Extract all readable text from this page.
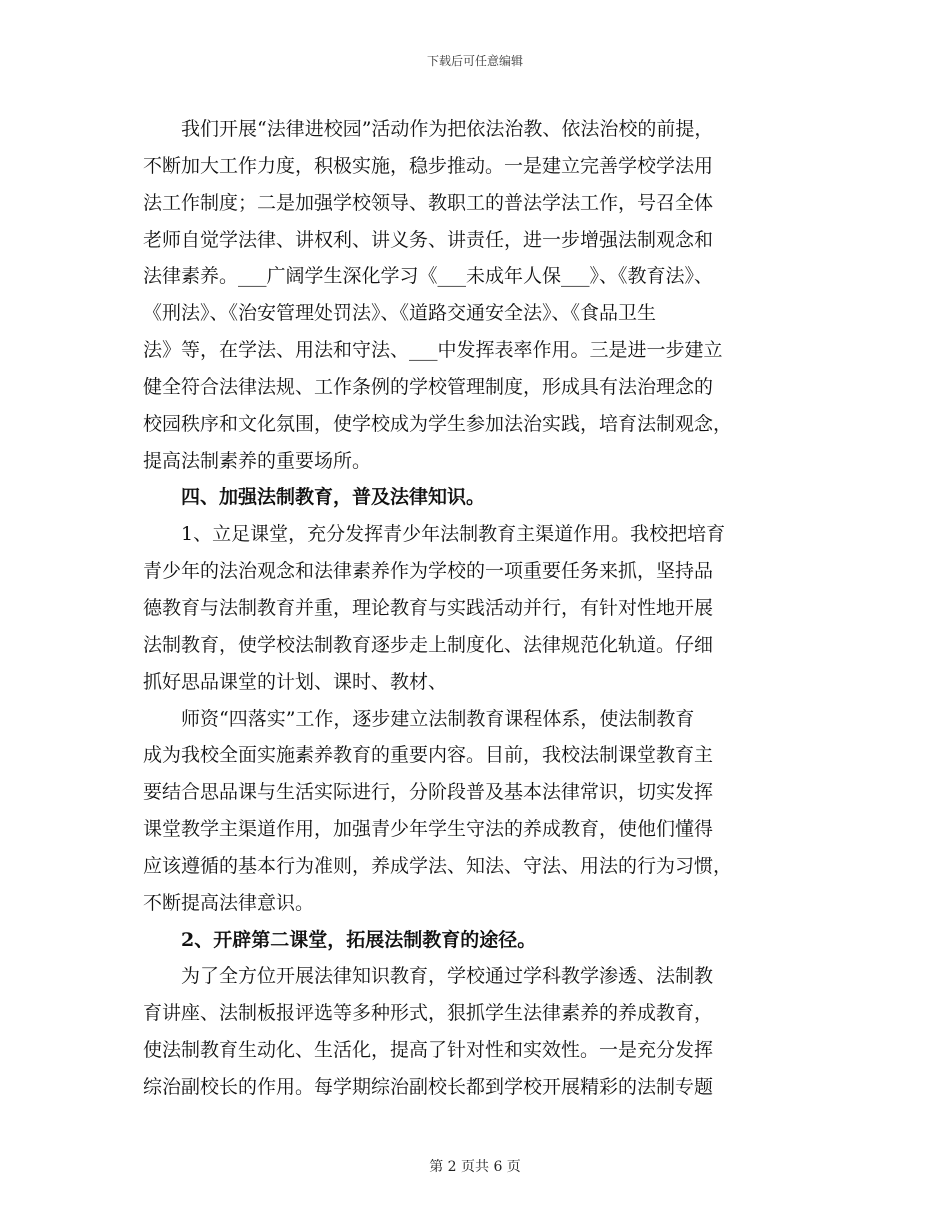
下载后可任意编辑
　　我们开展“法律进校园”活动作为把依法治教、依法治校的前提，
不断加大工作力度，积极实施，稳步推动。一是建立完善学校学法用
法工作制度；二是加强学校领导、教职工的普法学法工作，号召全体
老师自觉学法律、讲权利、讲义务、讲责任，进一步增强法制观念和
法律素养。___广阔学生深化学习《___未成年人保___》、《教育法》、
《刑法》、《治安管理处罚法》、《道路交通安全法》、《食品卫生
法》等，在学法、用法和守法、___中发挥表率作用。三是进一步建立
健全符合法律法规、工作条例的学校管理制度，形成具有法治理念的
校园秩序和文化氛围，使学校成为学生参加法治实践，培育法制观念，
提高法制素养的重要场所。
　　四、加强法制教育，普及法律知识。
　　1、立足课堂，充分发挥青少年法制教育主渠道作用。我校把培育
青少年的法治观念和法律素养作为学校的一项重要任务来抓，坚持品
德教育与法制教育并重，理论教育与实践活动并行，有针对性地开展
法制教育，使学校法制教育逐步走上制度化、法律规范化轨道。仔细
抓好思品课堂的计划、课时、教材、
　　师资“四落实”工作，逐步建立法制教育课程体系，使法制教育
成为我校全面实施素养教育的重要内容。目前，我校法制课堂教育主
要结合思品课与生活实际进行，分阶段普及基本法律常识，切实发挥
课堂教学主渠道作用，加强青少年学生守法的养成教育，使他们懂得
应该遵循的基本行为准则，养成学法、知法、守法、用法的行为习惯，
不断提高法律意识。
　　2、开辟第二课堂，拓展法制教育的途径。
　　为了全方位开展法律知识教育，学校通过学科教学渗透、法制教
育讲座、法制板报评选等多种形式，狠抓学生法律素养的养成教育，
使法制教育生动化、生活化，提高了针对性和实效性。一是充分发挥
综治副校长的作用。每学期综治副校长都到学校开展精彩的法制专题
第 2 页共 6 页
